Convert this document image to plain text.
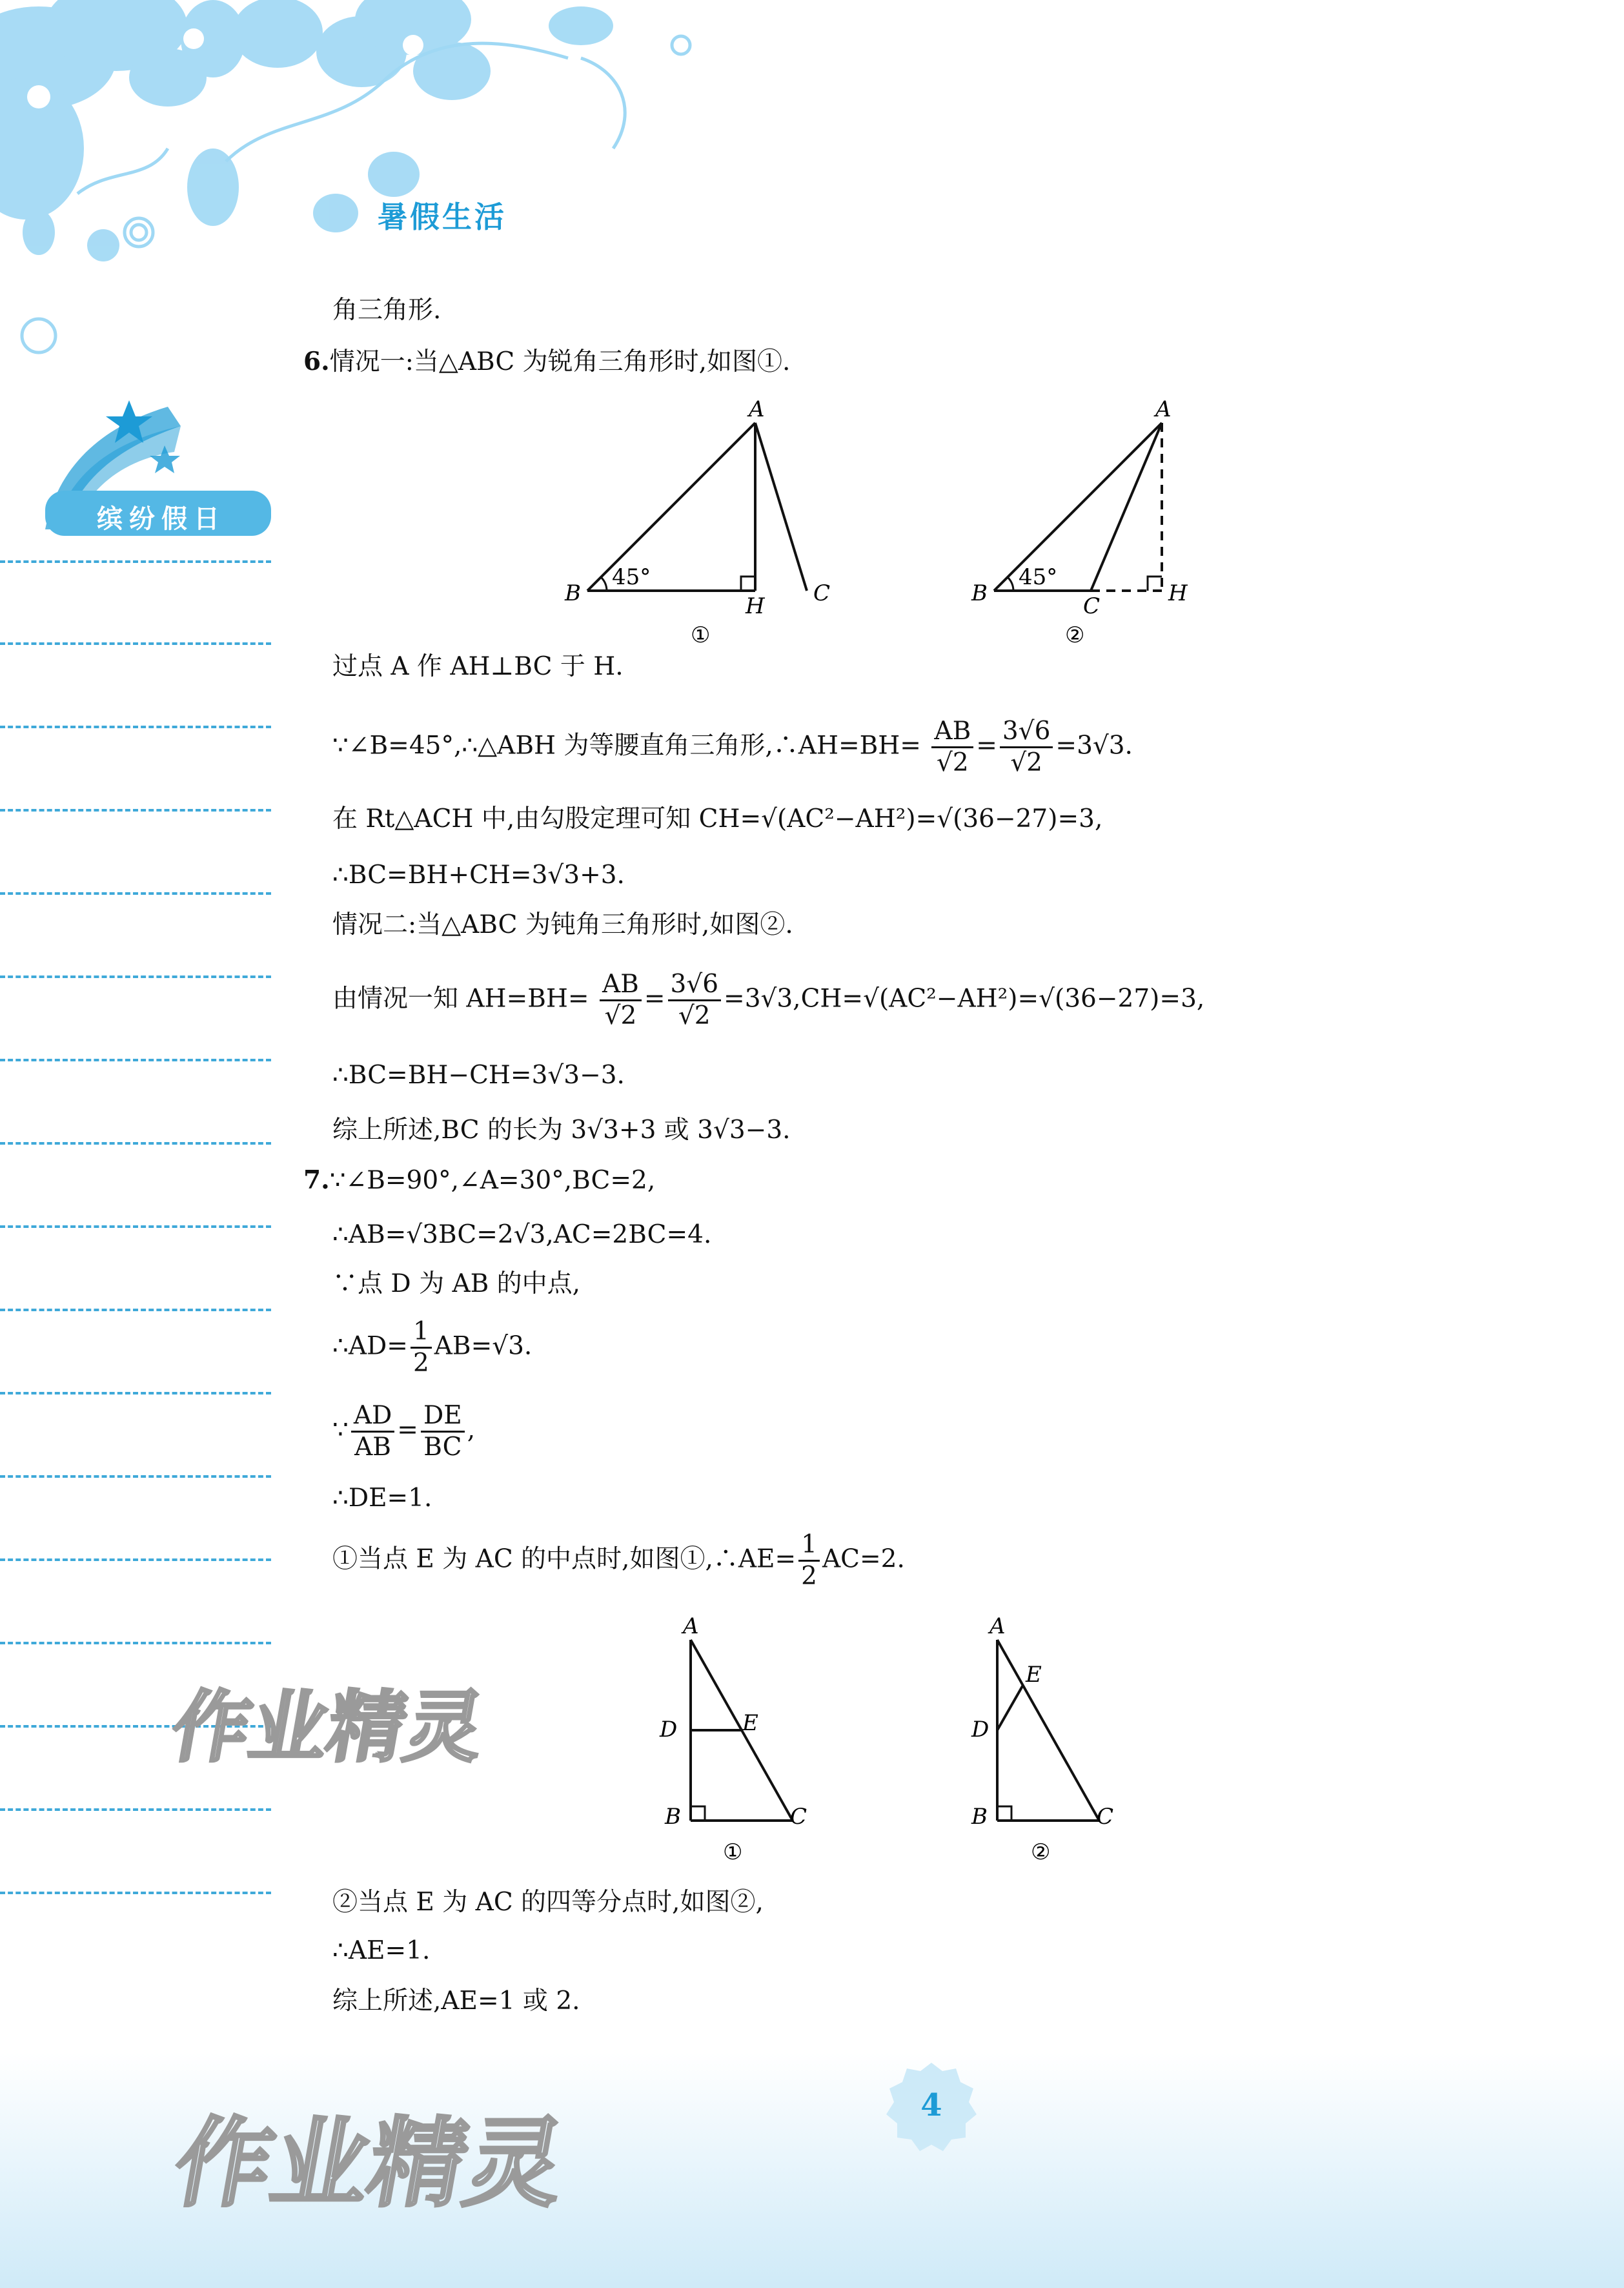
暑假生活
缤纷假日
作业精灵
作业精灵
角三角形.
6.情况一:当△ABC 为锐角三角形时,如图①.
过点 A 作 AH⊥BC 于 H.
∵∠B=45°,∴△ABH 为等腰直角三角形,∴AH=BH= $\frac{AB}{√2} = \frac{3√6}{√2} =3√3$.
在 Rt△ACH 中,由勾股定理可知 CH=√(AC²−AH²)=√(36−27)=3,
∴BC=BH+CH=3√3+3.
情况二:当△ABC 为钝角三角形时,如图②.
由情况一知 $AH=BH= \frac{AB}{√2} = \frac{3√6}{√2} =3√3,CH=√(AC^2-AH^2)=√(36-27)=3$,
∴BC=BH−CH=3√3−3.
综上所述,BC 的长为 3√3+3 或 3√3−3.
7.∵∠B=90°,∠A=30°,BC=2,
∴AB=√3BC=2√3,AC=2BC=4.
∵点 D 为 AB 的中点,
∴AD= $\frac{1}{2} AB=√3$.
∵ $\frac{AD}{AB} = \frac{DE}{BC}$ ,
∴DE=1.
①当点 E 为 AC 的中点时,如图①,∴AE= $\frac{1}{2} AC=2$.
②当点 E 为 AC 的四等分点时,如图②,
∴AE=1.
综上所述,AE=1 或 2.
45°
A
B	C
H
①
45°
A
B	C	H
②
A
B
D	E
C
①
A
B
D
E
C
②
4
